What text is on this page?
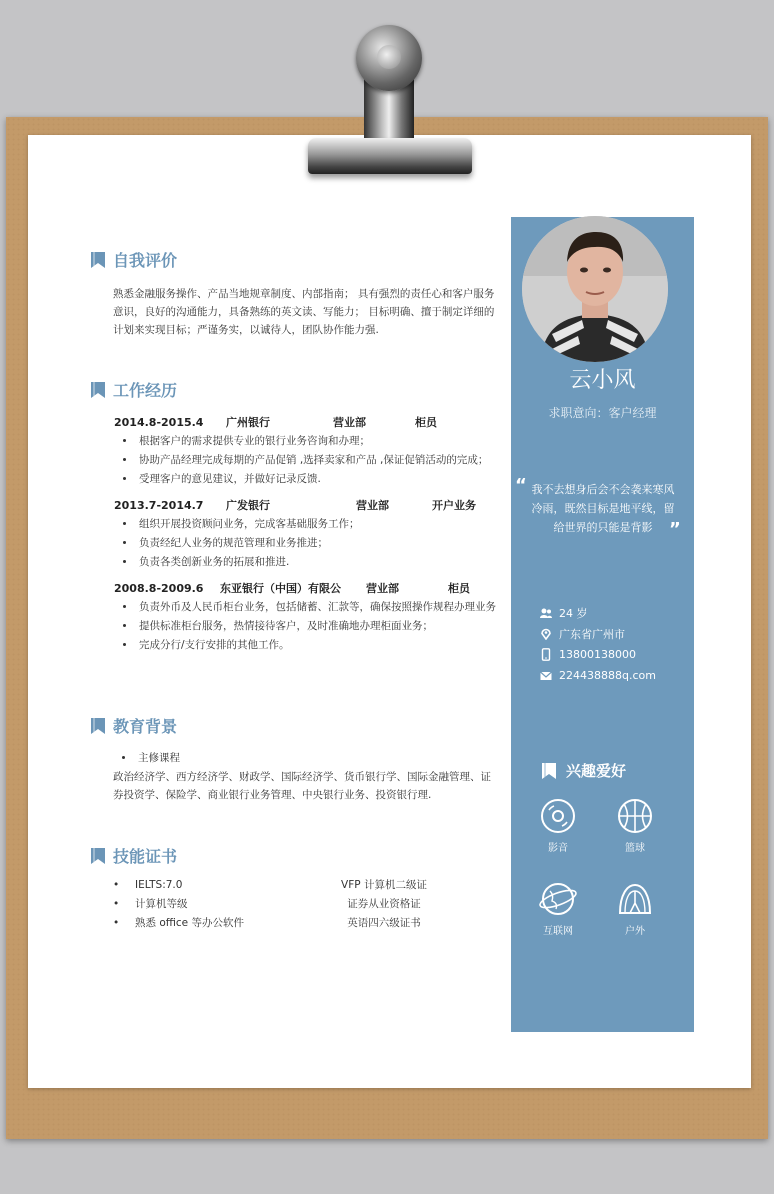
自我评价
熟悉金融服务操作、产品当地规章制度、内部指南； 具有强烈的责任心和客户服务意识，良好的沟通能力，具备熟练的英文读、写能力； 目标明确、擅于制定详细的计划来实现目标；严谨务实，以诚待人，团队协作能力强.
工作经历
2014.8-2015.4	广州银行	营业部	柜员
• 根据客户的需求提供专业的银行业务咨询和办理；
• 协助产品经理完成每期的产品促销 ,选择卖家和产品 ,保证促销活动的完成；
• 受理客户的意见建议，并做好记录反馈.
2013.7-2014.7	广发银行	营业部	开户业务
• 组织开展投资顾问业务，完成客基础服务工作；
• 负责经纪人业务的规范管理和业务推进；
• 负责各类创新业务的拓展和推进.
2008.8-2009.6	东亚银行（中国）有限公	营业部	柜员
• 负责外币及人民币柜台业务，包括储蓄、汇款等，确保按照操作规程办理业务
• 提供标准柜台服务，热情接待客户，及时准确地办理柜面业务；
• 完成分行/支行安排的其他工作。
教育背景
• 主修课程
政治经济学、西方经济学、财政学、国际经济学、货币银行学、国际金融管理、证券投资学、保险学、商业银行业务管理、中央银行业务、投资银行理.
技能证书
• IELTS:7.0	VFP 计算机二级证
• 计算机等级	证券从业资格证
• 熟悉 office 等办公软件	英语四六级证书
云小风
求职意向：客户经理
“ 我不去想身后会不会袭来寒风冷雨，既然目标是地平线，留给世界的只能是背影 ”
24 岁
广东省广州市
13800138000
224438888q.com
兴趣爱好
影音	篮球
互联网	户外
